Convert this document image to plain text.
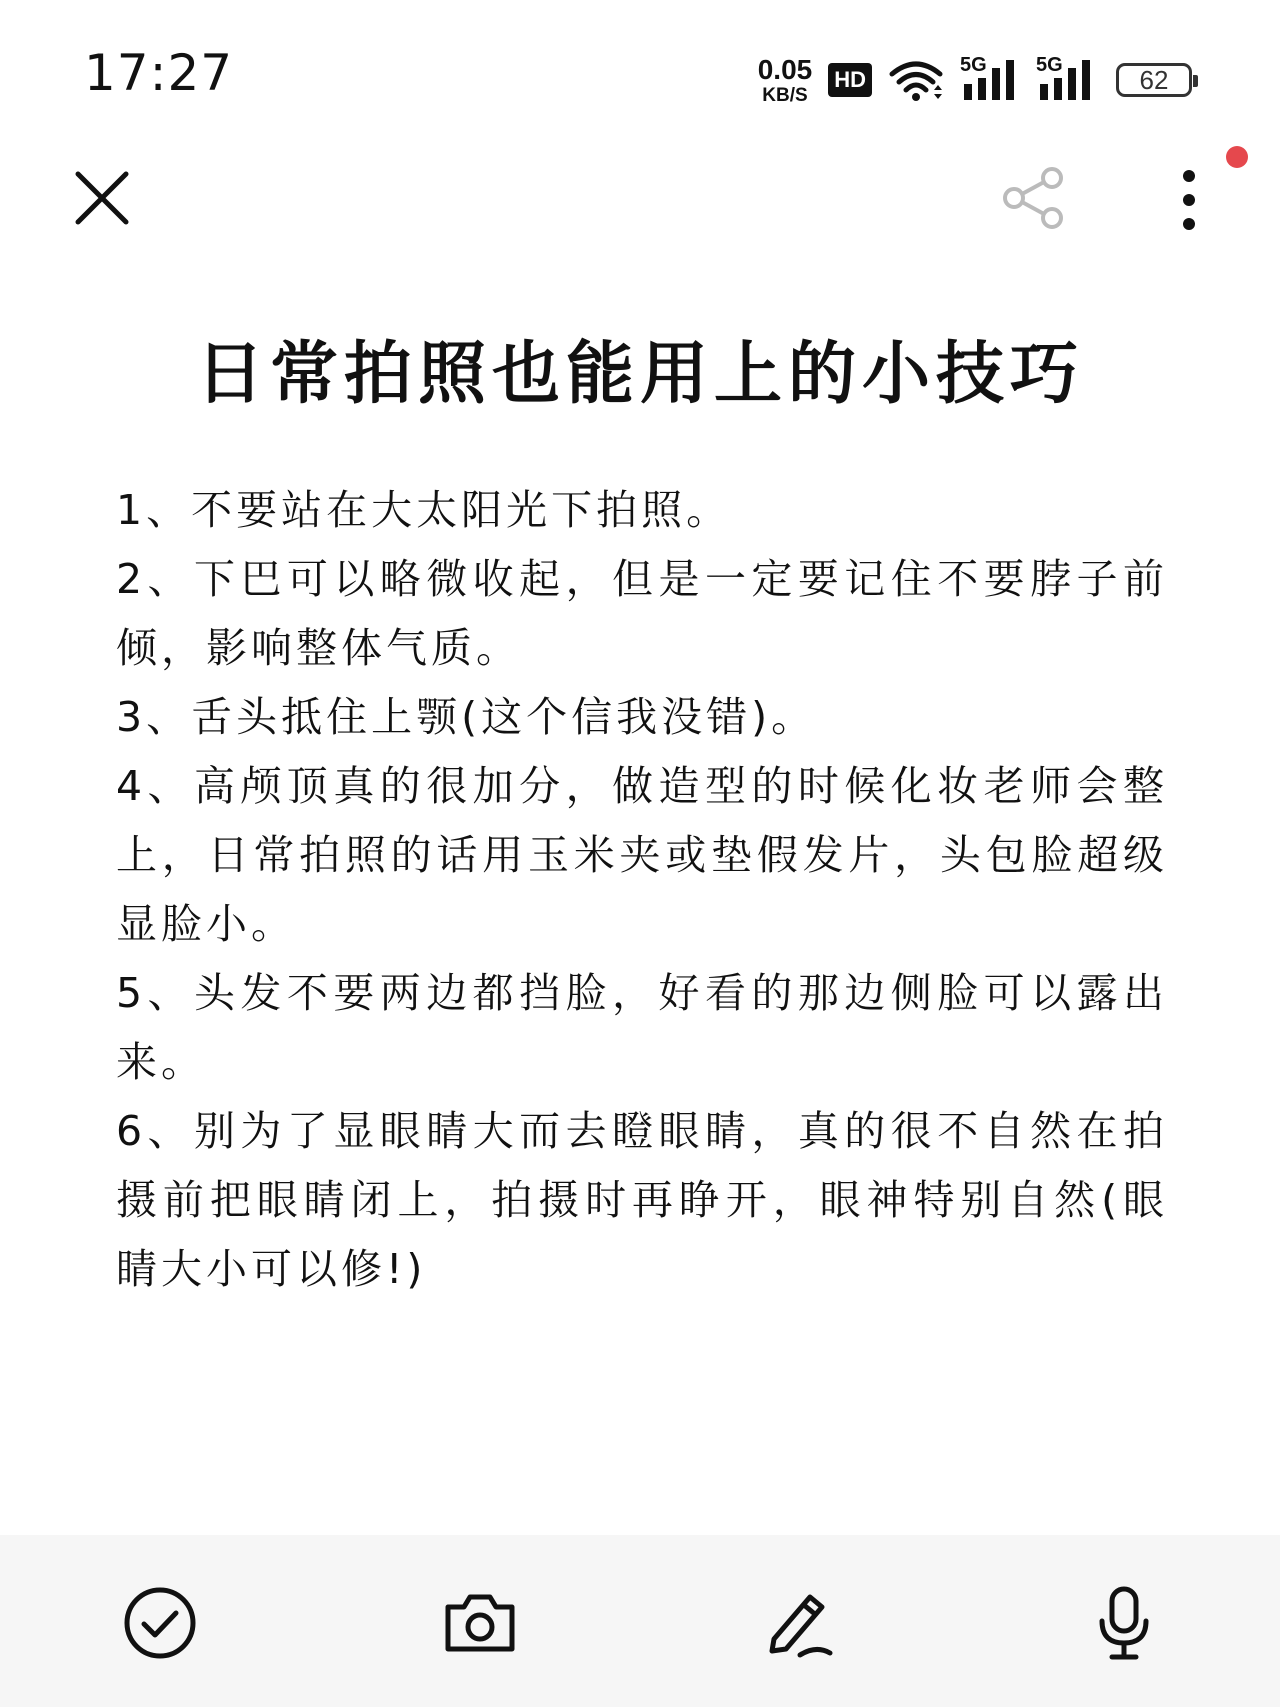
17:27	0.05
KB/S
HD
5G 5G	62
日常拍照也能用上的小技巧

1、不要站在大太阳光下拍照。

2、下巴可以略微收起，但是一定要记住不要脖子前倾，影响整体气质。

3、舌头抵住上颚(这个信我没错)。

4、高颅顶真的很加分，做造型的时候化妆老师会整上，日常拍照的话用玉米夹或垫假发片，头包脸超级显脸小。

5、头发不要两边都挡脸，好看的那边侧脸可以露出来。

6、别为了显眼睛大而去瞪眼睛，真的很不自然在拍摄前把眼睛闭上，拍摄时再睁开，眼神特别自然(眼睛大小可以修!)
